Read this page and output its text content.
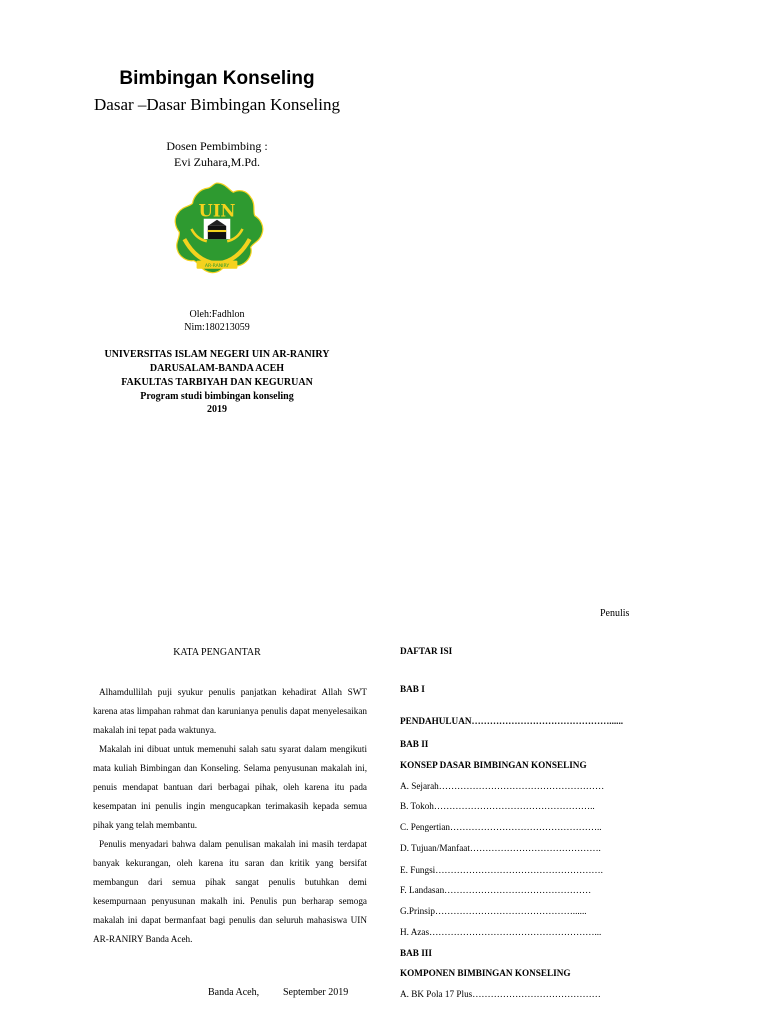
Bimbingan Konseling
Dasar –Dasar Bimbingan Konseling
Dosen Pembimbing :
Evi Zuhara,M.Pd.
UIN
AR-RANIRY
Oleh:Fadhlon
Nim:180213059
UNIVERSITAS ISLAM NEGERI UIN AR-RANIRY
DARUSALAM-BANDA ACEH
FAKULTAS TARBIYAH DAN KEGURUAN
Program studi bimbingan konseling
2019
Penulis
KATA PENGANTAR

Alhamdullilah puji syukur penulis panjatkan kehadirat Allah SWT karena atas limpahan rahmat dan karunianya penulis dapat menyelesaikan makalah ini tepat pada waktunya.

Makalah ini dibuat untuk memenuhi salah satu syarat dalam mengikuti mata kuliah Bimbingan dan Konseling. Selama penyusunan makalah ini, penuis mendapat bantuan dari berbagai pihak, oleh karena itu pada kesempatan ini penulis ingin mengucapkan terimakasih kepada semua pihak yang telah membantu.

Penulis menyadari bahwa dalam penulisan makalah ini masih terdapat banyak kekurangan, oleh karena itu saran dan kritik yang bersifat membangun dari semua pihak sangat penulis butuhkan demi kesempurnaan penyusunan makalh ini. Penulis pun berharap semoga makalah ini dapat bermanfaat bagi penulis dan seluruh mahasiswa UIN AR-RANIRY Banda Aceh.

Banda Aceh, September 2019
DAFTAR ISI
BAB I
PENDAHULUAN………………………………………......
BAB II
KONSEP DASAR BIMBINGAN KONSELING
A. Sejarah………………………………………………
B. Tokoh……………………………………………..
C. Pengertian…………………………………………..
D. Tujuan/Manfaat…………………………………….
E. Fungsi……………………………………………….
F. Landasan…………………………………………
G.Prinsip………………………………………......
H. Azas………………………………………………...
BAB III
KOMPONEN BIMBINGAN KONSELING
A. BK Pola 17 Plus……………………………………
